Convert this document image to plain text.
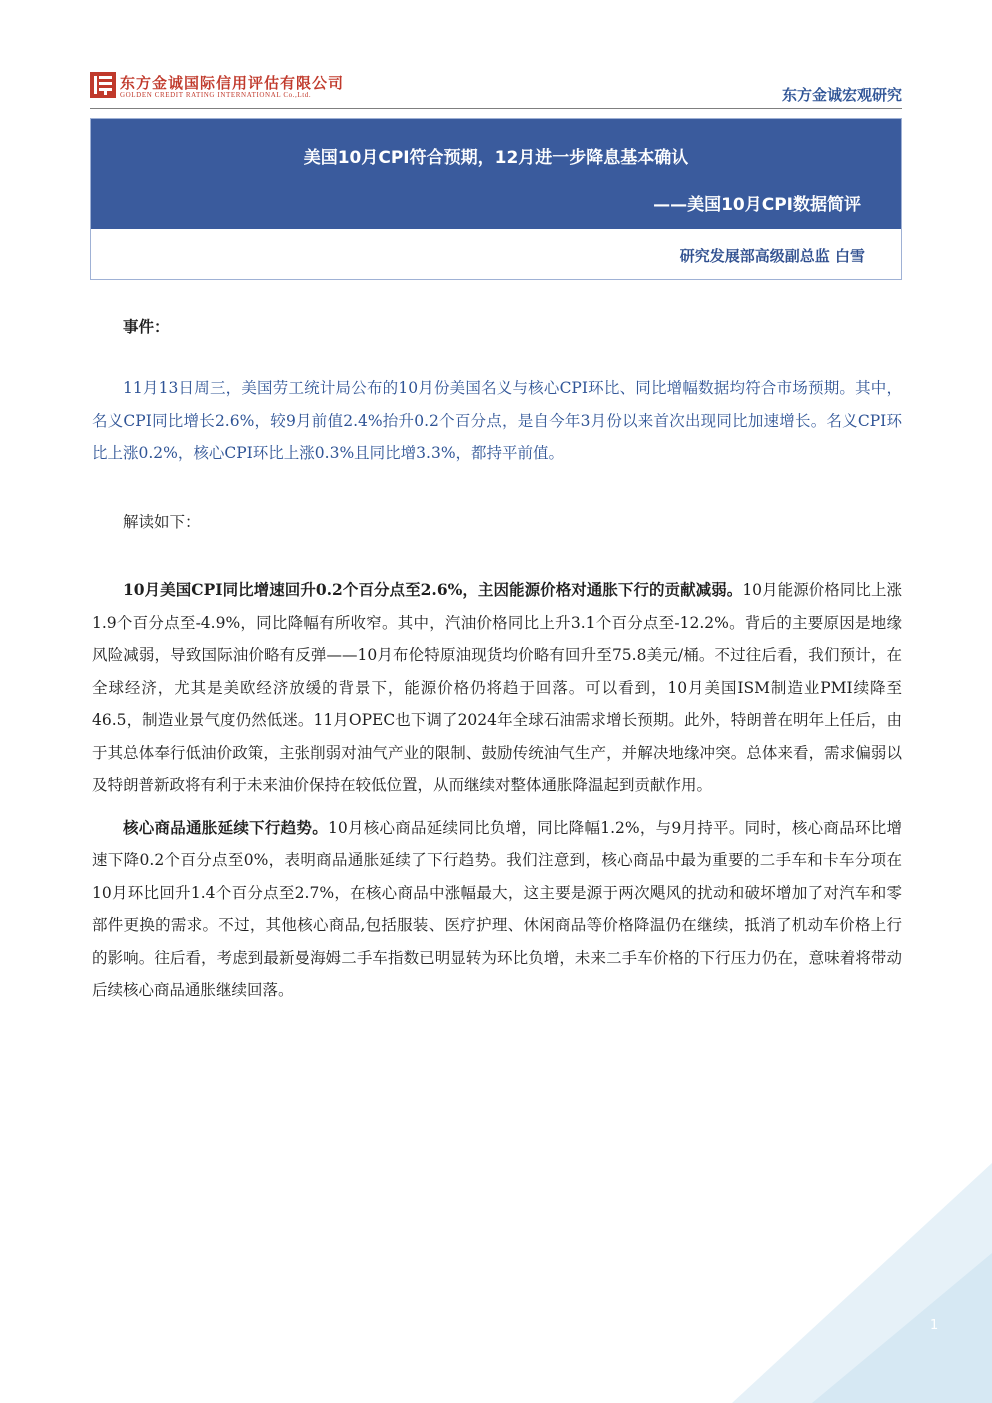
东方金诚国际信用评估有限公司
GOLDEN CREDIT RATING INTERNATIONAL Co.,Ltd.	东方金诚宏观研究
美国10月CPI符合预期，12月进一步降息基本确认
——美国10月CPI数据简评
研究发展部高级副总监 白雪

事件：

11月13日周三，美国劳工统计局公布的10月份美国名义与核心CPI环比、同比增幅数据均符合市场预期。其中，名义CPI同比增长2.6%，较9月前值2.4%抬升0.2个百分点，是自今年3月份以来首次出现同比加速增长。名义CPI环比上涨0.2%，核心CPI环比上涨0.3%且同比增3.3%，都持平前值。

解读如下：

10月美国CPI同比增速回升0.2个百分点至2.6%，主因能源价格对通胀下行的贡献减弱。10月能源价格同比上涨1.9个百分点至-4.9%，同比降幅有所收窄。其中，汽油价格同比上升3.1个百分点至-12.2%。背后的主要原因是地缘风险减弱，导致国际油价略有反弹——10月布伦特原油现货均价略有回升至75.8美元/桶。不过往后看，我们预计，在全球经济，尤其是美欧经济放缓的背景下，能源价格仍将趋于回落。可以看到，10月美国ISM制造业PMI续降至46.5，制造业景气度仍然低迷。11月OPEC也下调了2024年全球石油需求增长预期。此外，特朗普在明年上任后，由于其总体奉行低油价政策，主张削弱对油气产业的限制、鼓励传统油气生产，并解决地缘冲突。总体来看，需求偏弱以及特朗普新政将有利于未来油价保持在较低位置，从而继续对整体通胀降温起到贡献作用。

核心商品通胀延续下行趋势。10月核心商品延续同比负增，同比降幅1.2%，与9月持平。同时，核心商品环比增速下降0.2个百分点至0%，表明商品通胀延续了下行趋势。我们注意到，核心商品中最为重要的二手车和卡车分项在10月环比回升1.4个百分点至2.7%，在核心商品中涨幅最大，这主要是源于两次飓风的扰动和破坏增加了对汽车和零部件更换的需求。不过，其他核心商品,包括服装、医疗护理、休闲商品等价格降温仍在继续，抵消了机动车价格上行的影响。往后看，考虑到最新曼海姆二手车指数已明显转为环比负增，未来二手车价格的下行压力仍在，意味着将带动后续核心商品通胀继续回落。

1
